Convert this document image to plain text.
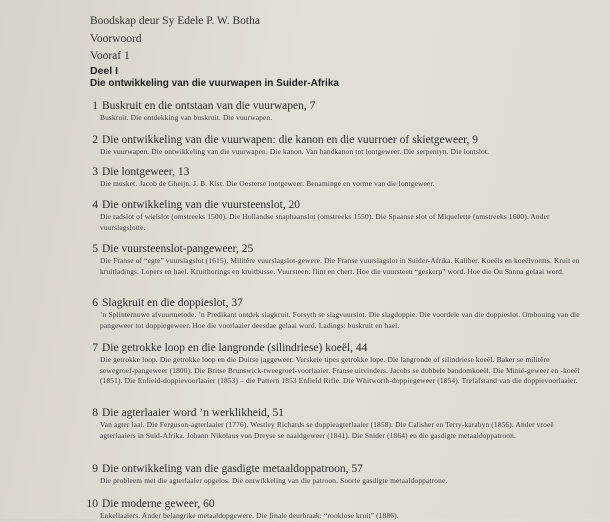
Boodskap deur Sy Edele P. W. Botha
Voorwoord
Vooraf 1
Deel I
Die ontwikkeling van die vuurwapen in Suider-Afrika
1 Buskruit en die ontstaan van die vuurwapen, 7
Buskruit. Die ontdekking van buskruit. Die vuurwapen.
2 Die ontwikkeling van die vuurwapen: die kanon en die vuurroer of skietgeweer, 9
Die vuurwapen. Die ontwikkeling van die vuurwapen. Die kanon. Van handkanon tot lontgeweer. Die serpentyn. Die lontslot.
3 Die lontgeweer, 13
Die musket. Jacob de Gheijn. J. B. Kist. Die Oosterse lontgeweer. Benaminge en vorme van die lontgeweer.
4 Die ontwikkeling van die vuursteenslot, 20
Die radslot of wielslot (omstreeks 1500). Die Hollandse snaphaanslot (omstreeks 1550). Die Spaanse slot of Miquelette (omstreeks 1600). Ander vuurslagslotte.
5 Die vuursteenslot-pangeweer, 25
Die Franse of “egte” vuurslagslot (1615). Militêre vuurslagslot-gewere. Die Franse vuurslagslot in Suider-Afrika. Kaliber. Koeëls en koeëlvorms. Kruit en kruitladings. Lopers en hael. Kruithorings en kruitbusse. Vuursteen: flint en chert. Hoe die vuursteen “geskerp” word. Hoe die Ou Sanna gelaai word.
6 Slagkruit en die doppieslot, 37
’n Splinternuwe afvuurmetode. ’n Predikant ontdek slagkruit. Forsyth se slagvuurslot. Die slagdoppie. Die voordele van die doppieslot. Ombouing van die pangeweer tot doppiegeweer. Hoe die voorlaaier deesdae gelaai word. Ladings: buskruit en hael.
7 Die getrokke loop en die langronde (silindriese) koeël, 44
Die getrokke loop. Die getrokke loop en die Duitse jaggeweer. Verskeie tipes getrokke lope. Die langronde of silindriese koeël. Baker se militêre sewegroef-pangeweer (1800). Die Britse Brunswick-tweegroef-voorlaaier. Franse uitvinders. Jacobs se dubbele bandomkoeël. Die Minié-geweer en -koeël (1851). Die Enfield-doppievoorlaaier (1853) – die Pattern 1853 Enfield Rifle. Die Whitworth-doppiegeweer (1854). Trefafstand van die doppievoorlaaier.
8 Die agterlaaier word ’n werklikheid, 51
Van agter laai. Die Ferguson-agterlaaier (1776). Westley Richards se doppieagterlaaier (1858). Die Calisher en Terry-karabyn (1856). Ander vroeë agterlaaiers in Suid-Afrika. Johann Nikolaus von Dreyse se naaldgeweer (1841). Die Snider (1864) en die gasdigte metaaldoppatroon.
9 Die ontwikkeling van die gasdigte metaaldoppatroon, 57
Die probleem met die agterlaaier opgelos. Die ontwikkeling van die patroon. Soorte gasdigte metaaldoppatrone.
10 Die moderne geweer, 60
Enkellaaiers. Ander belangrike metaaldopgewere. Die finale deurbraak: “rooklose kruit” (1886).
